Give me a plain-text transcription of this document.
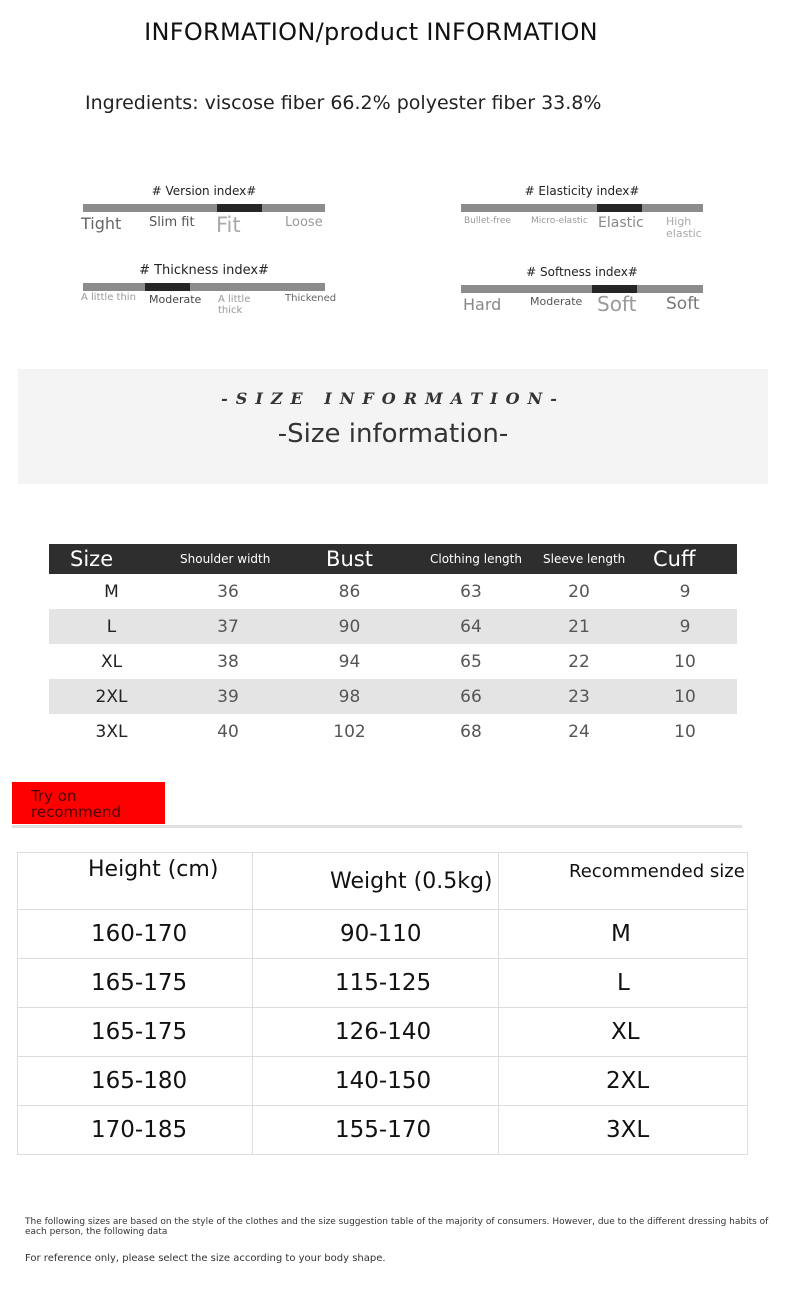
INFORMATION/product INFORMATION
Ingredients: viscose fiber 66.2% polyester fiber 33.8%
# Version index#
Tight Slim fit Fit	Loose
# Elasticity index#
Bullet-free Micro-elastic Elastic High elastic
# Thickness index#
A little thin Moderate A little thick
Thickened
# Softness index#
Hard	Moderate Soft Soft
-SIZE INFORMATION-
-Size information-
Size	Shoulder width	Bust	Clothing length	Sleeve length	Cuff
M	36	86	63	20	9
L	37	90	64	21	9
XL	38	94	65	22	10
2XL	39	98	66	23	10
3XL	40	102	68	24	10
Try on recommend
Height (cm)	Weight (0.5kg)	Recommended size
160-170	90-110	M
165-175	115-125	L
165-175	126-140	XL
165-180	140-150	2XL
170-185	155-170	3XL
The following sizes are based on the style of the clothes and the size suggestion table of the majority of consumers. However, due to the different dressing habits of each person, the following data
For reference only, please select the size according to your body shape.
